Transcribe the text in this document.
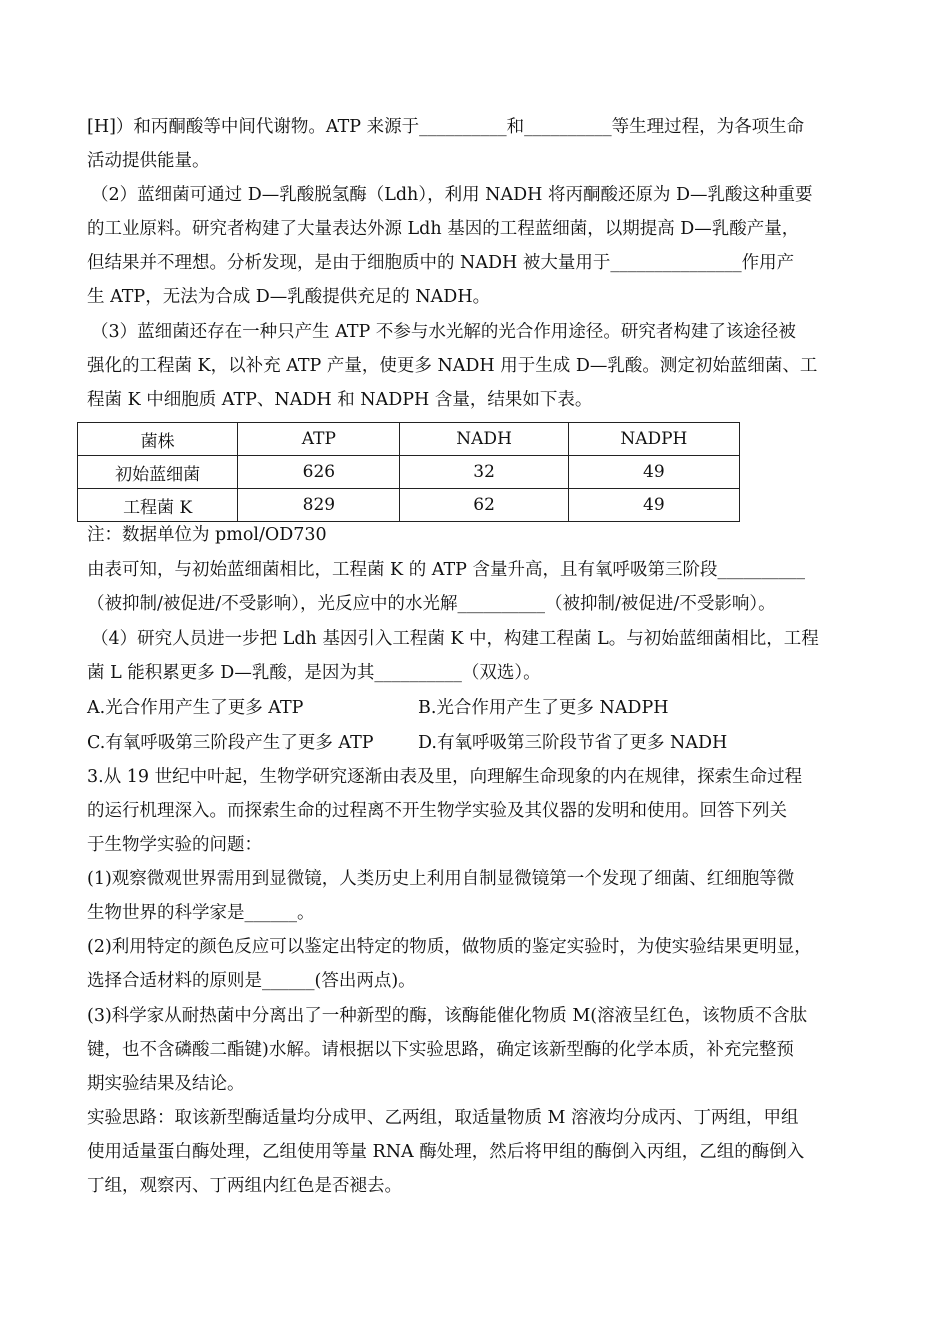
[H]）和丙酮酸等中间代谢物。ATP 来源于__________和__________等生理过程，为各项生命
活动提供能量。
（2）蓝细菌可通过 D—乳酸脱氢酶（Ldh），利用 NADH 将丙酮酸还原为 D—乳酸这种重要
的工业原料。研究者构建了大量表达外源 Ldh 基因的工程蓝细菌，以期提高 D—乳酸产量，
但结果并不理想。分析发现，是由于细胞质中的 NADH 被大量用于_______________作用产
生 ATP，无法为合成 D—乳酸提供充足的 NADH。
（3）蓝细菌还存在一种只产生 ATP 不参与水光解的光合作用途径。研究者构建了该途径被
强化的工程菌 K，以补充 ATP 产量，使更多 NADH 用于生成 D—乳酸。测定初始蓝细菌、工
程菌 K 中细胞质 ATP、NADH 和 NADPH 含量，结果如下表。
菌株	ATP	NADH	NADPH
初始蓝细菌	626	32	49
工程菌 K	829	62	49
注：数据单位为 pmol/OD730
由表可知，与初始蓝细菌相比，工程菌 K 的 ATP 含量升高，且有氧呼吸第三阶段__________
（被抑制/被促进/不受影响），光反应中的水光解__________（被抑制/被促进/不受影响）。
（4）研究人员进一步把 Ldh 基因引入工程菌 K 中，构建工程菌 L。与初始蓝细菌相比，工程
菌 L 能积累更多 D—乳酸，是因为其__________（双选）。
A.光合作用产生了更多 ATP	B.光合作用产生了更多 NADPH
C.有氧呼吸第三阶段产生了更多 ATP	D.有氧呼吸第三阶段节省了更多 NADH
3.从 19 世纪中叶起，生物学研究逐渐由表及里，向理解生命现象的内在规律，探索生命过程
的运行机理深入。而探索生命的过程离不开生物学实验及其仪器的发明和使用。回答下列关
于生物学实验的问题：
(1)观察微观世界需用到显微镜，人类历史上利用自制显微镜第一个发现了细菌、红细胞等微
生物世界的科学家是______。
(2)利用特定的颜色反应可以鉴定出特定的物质，做物质的鉴定实验时，为使实验结果更明显，
选择合适材料的原则是______(答出两点)。
(3)科学家从耐热菌中分离出了一种新型的酶，该酶能催化物质 M(溶液呈红色，该物质不含肽
键，也不含磷酸二酯键)水解。请根据以下实验思路，确定该新型酶的化学本质，补充完整预
期实验结果及结论。
实验思路：取该新型酶适量均分成甲、乙两组，取适量物质 M 溶液均分成丙、丁两组，甲组
使用适量蛋白酶处理，乙组使用等量 RNA 酶处理，然后将甲组的酶倒入丙组，乙组的酶倒入
丁组，观察丙、丁两组内红色是否褪去。
